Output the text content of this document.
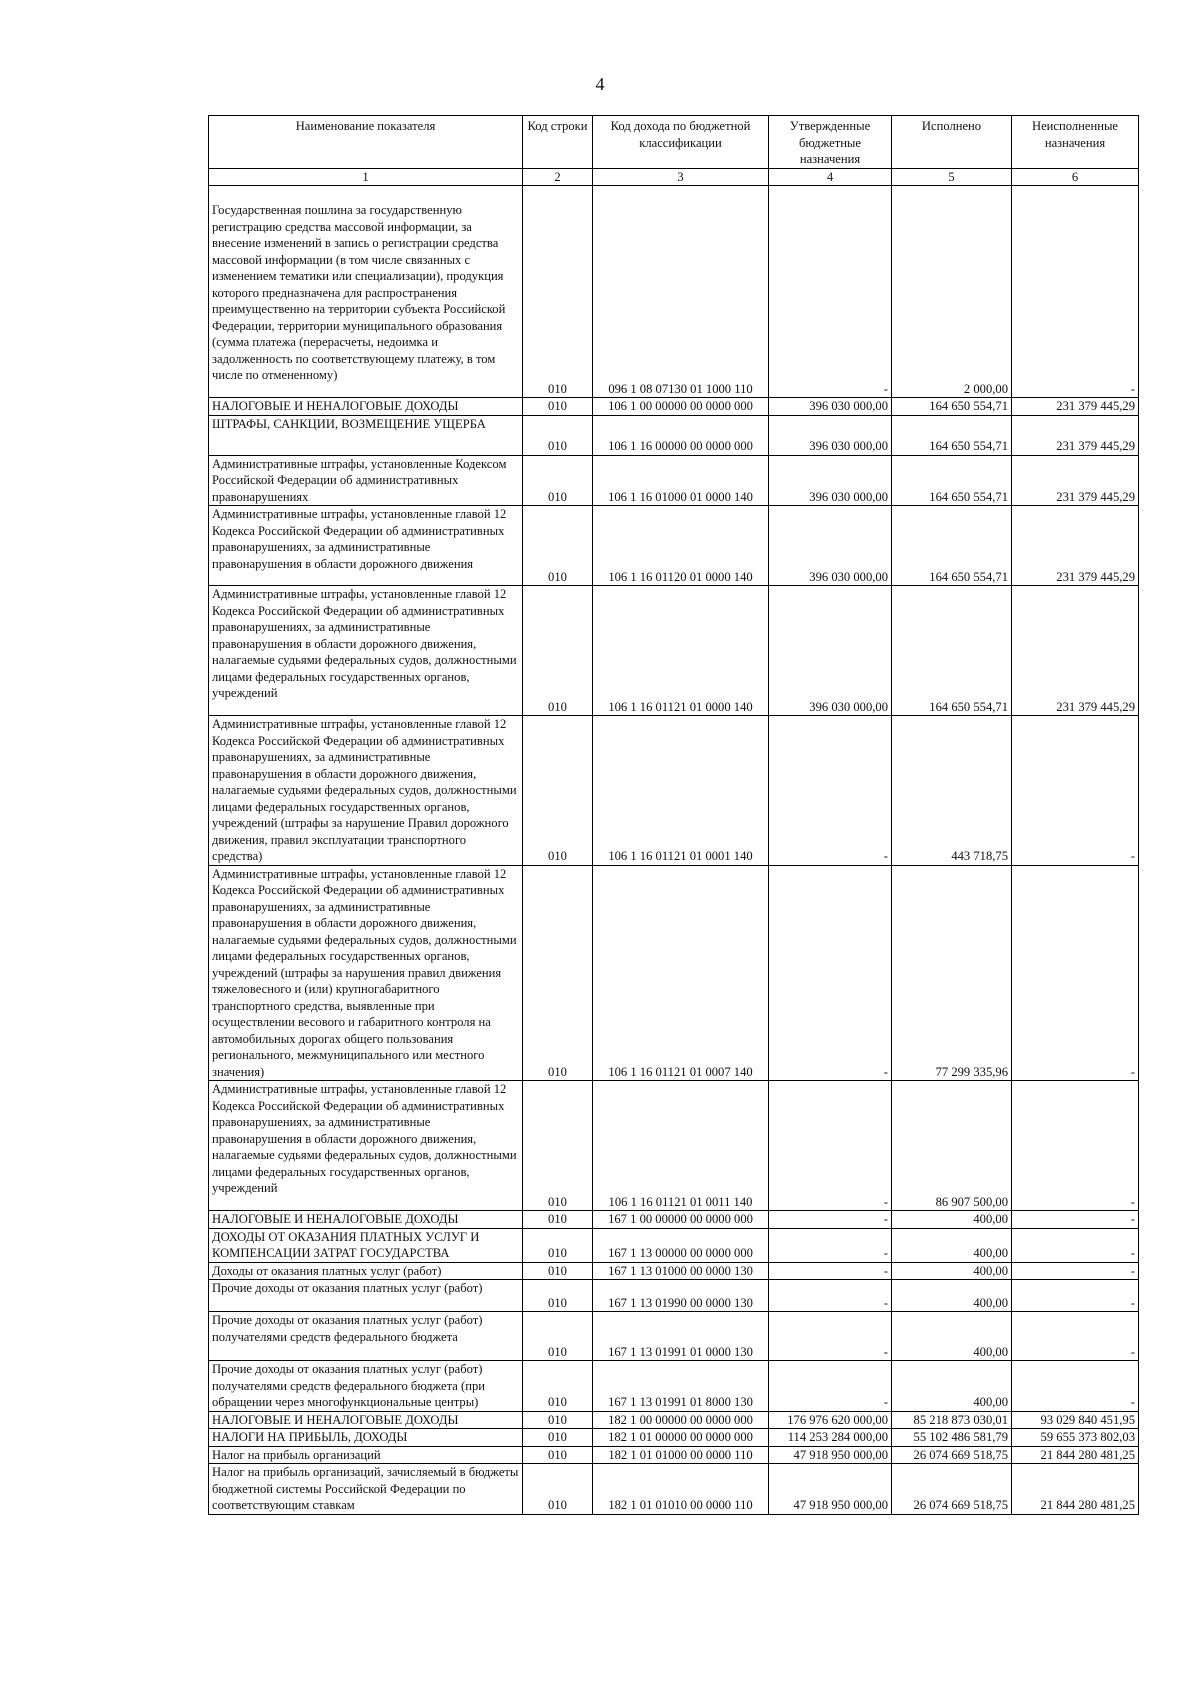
4
Наименование показателя	Код строки	Код дохода по бюджетной классификации	Утвержденные бюджетные назначения	Исполнено	Неисполненные назначения
1	2	3	4	5	6
Государственная пошлина за государственную регистрацию средства массовой информации, за внесение изменений в запись о регистрации средства массовой информации (в том числе связанных с изменением тематики или специализации), продукция которого предназначена для распространения преимущественно на территории субъекта Российской Федерации, территории муниципального образования (сумма платежа (перерасчеты, недоимка и задолженность по соответствующему платежу, в том числе по отмененному)	010	096 1 08 07130 01 1000 110	-	2 000,00	-
НАЛОГОВЫЕ И НЕНАЛОГОВЫЕ ДОХОДЫ	010	106 1 00 00000 00 0000 000	396 030 000,00	164 650 554,71	231 379 445,29
ШТРАФЫ, САНКЦИИ, ВОЗМЕЩЕНИЕ УЩЕРБА	010	106 1 16 00000 00 0000 000	396 030 000,00	164 650 554,71	231 379 445,29
Административные штрафы, установленные Кодексом Российской Федерации об административных правонарушениях	010	106 1 16 01000 01 0000 140	396 030 000,00	164 650 554,71	231 379 445,29
Административные штрафы, установленные главой 12 Кодекса Российской Федерации об административных правонарушениях, за административные правонарушения в области дорожного движения	010	106 1 16 01120 01 0000 140	396 030 000,00	164 650 554,71	231 379 445,29
Административные штрафы, установленные главой 12 Кодекса Российской Федерации об административных правонарушениях, за административные правонарушения в области дорожного движения, налагаемые судьями федеральных судов, должностными лицами федеральных государственных органов, учреждений	010	106 1 16 01121 01 0000 140	396 030 000,00	164 650 554,71	231 379 445,29
Административные штрафы, установленные главой 12 Кодекса Российской Федерации об административных правонарушениях, за административные правонарушения в области дорожного движения, налагаемые судьями федеральных судов, должностными лицами федеральных государственных органов, учреждений (штрафы за нарушение Правил дорожного движения, правил эксплуатации транспортного средства)	010	106 1 16 01121 01 0001 140	-	443 718,75	-
Административные штрафы, установленные главой 12 Кодекса Российской Федерации об административных правонарушениях, за административные правонарушения в области дорожного движения, налагаемые судьями федеральных судов, должностными лицами федеральных государственных органов, учреждений (штрафы за нарушения правил движения тяжеловесного и (или) крупногабаритного транспортного средства, выявленные при осуществлении весового и габаритного контроля на автомобильных дорогах общего пользования регионального, межмуниципального или местного значения)	010	106 1 16 01121 01 0007 140	-	77 299 335,96	-
Административные штрафы, установленные главой 12 Кодекса Российской Федерации об административных правонарушениях, за административные правонарушения в области дорожного движения, налагаемые судьями федеральных судов, должностными лицами федеральных государственных органов, учреждений	010	106 1 16 01121 01 0011 140	-	86 907 500,00	-
НАЛОГОВЫЕ И НЕНАЛОГОВЫЕ ДОХОДЫ	010	167 1 00 00000 00 0000 000	-	400,00	-
ДОХОДЫ ОТ ОКАЗАНИЯ ПЛАТНЫХ УСЛУГ И КОМПЕНСАЦИИ ЗАТРАТ ГОСУДАРСТВА	010	167 1 13 00000 00 0000 000	-	400,00	-
Доходы от оказания платных услуг (работ)	010	167 1 13 01000 00 0000 130	-	400,00	-
Прочие доходы от оказания платных услуг (работ)	010	167 1 13 01990 00 0000 130	-	400,00	-
Прочие доходы от оказания платных услуг (работ) получателями средств федерального бюджета	010	167 1 13 01991 01 0000 130	-	400,00	-
Прочие доходы от оказания платных услуг (работ) получателями средств федерального бюджета (при обращении через многофункциональные центры)	010	167 1 13 01991 01 8000 130	-	400,00	-
НАЛОГОВЫЕ И НЕНАЛОГОВЫЕ ДОХОДЫ	010	182 1 00 00000 00 0000 000	176 976 620 000,00	85 218 873 030,01	93 029 840 451,95
НАЛОГИ НА ПРИБЫЛЬ, ДОХОДЫ	010	182 1 01 00000 00 0000 000	114 253 284 000,00	55 102 486 581,79	59 655 373 802,03
Налог на прибыль организаций	010	182 1 01 01000 00 0000 110	47 918 950 000,00	26 074 669 518,75	21 844 280 481,25
Налог на прибыль организаций, зачисляемый в бюджеты бюджетной системы Российской Федерации по соответствующим ставкам	010	182 1 01 01010 00 0000 110	47 918 950 000,00	26 074 669 518,75	21 844 280 481,25
